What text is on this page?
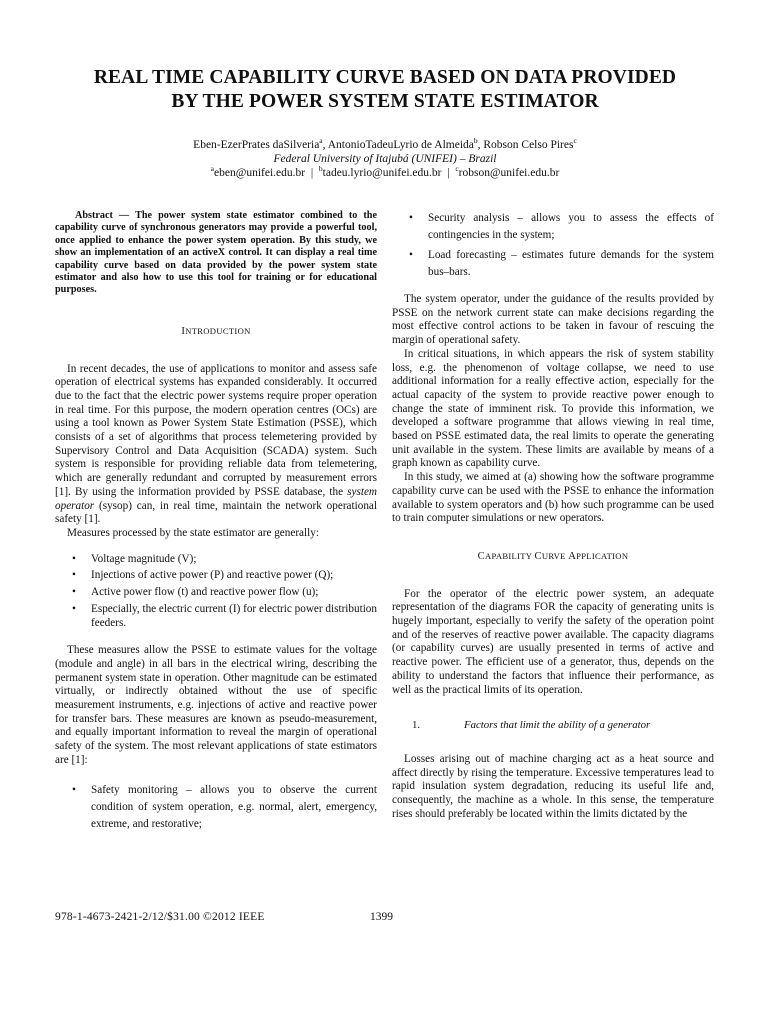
REAL TIME CAPABILITY CURVE BASED ON DATA PROVIDED
BY THE POWER SYSTEM STATE ESTIMATOR
Eben-EzerPrates daSilveria$^a$, AntonioTadeuLyrio de Almeida$^b$, Robson Celso Pires$^c$
Federal University of Itajubá (UNIFEI) – Brazil
$^a$eben@unifei.edu.br  |  $^b$tadeu.lyrio@unifei.edu.br  |  $^c$robson@unifei.edu.br

Abstract — The power system state estimator combined to the capability curve of synchronous generators may provide a powerful tool, once applied to enhance the power system operation. By this study, we show an implementation of an activeX control. It can display a real time capability curve based on data provided by the power system state estimator and also how to use this tool for training or for educational purposes.

INTRODUCTION

In recent decades, the use of applications to monitor and assess safe operation of electrical systems has expanded considerably. It occurred due to the fact that the electric power systems require proper operation in real time. For this purpose, the modern operation centres (OCs) are using a tool known as Power System State Estimation (PSSE), which consists of a set of algorithms that process telemetering provided by Supervisory Control and Data Acquisition (SCADA) system. Such system is responsible for providing reliable data from telemetering, which are generally redundant and corrupted by measurement errors [1]. By using the information provided by PSSE database, the system operator (sysop) can, in real time, maintain the network operational safety [1].

Measures processed by the state estimator are generally:

• Voltage magnitude (V);
• Injections of active power (P) and reactive power (Q);
• Active power flow (t) and reactive power flow (u);
• Especially, the electric current (I) for electric power distribution feeders.

These measures allow the PSSE to estimate values for the voltage (module and angle) in all bars in the electrical wiring, describing the permanent system state in operation. Other magnitude can be estimated virtually, or indirectly obtained without the use of specific measurement instruments, e.g. injections of active and reactive power for transfer bars. These measures are known as pseudo-measurement, and equally important information to reveal the margin of operational safety of the system. The most relevant applications of state estimators are [1]:

• Safety monitoring – allows you to observe the current condition of system operation, e.g. normal, alert, emergency, extreme, and restorative;
• Security analysis – allows you to assess the effects of contingencies in the system;
• Load forecasting – estimates future demands for the system bus–bars.

The system operator, under the guidance of the results provided by PSSE on the network current state can make decisions regarding the most effective control actions to be taken in favour of rescuing the margin of operational safety.

In critical situations, in which appears the risk of system stability loss, e.g. the phenomenon of voltage collapse, we need to use additional information for a really effective action, especially for the actual capacity of the system to provide reactive power enough to change the state of imminent risk. To provide this information, we developed a software programme that allows viewing in real time, based on PSSE estimated data, the real limits to operate the generating unit available in the system. These limits are available by means of a graph known as capability curve.

In this study, we aimed at (a) showing how the software programme capability curve can be used with the PSSE to enhance the information available to system operators and (b) how such programme can be used to train computer simulations or new operators.

CAPABILITY CURVE APPLICATION

For the operator of the electric power system, an adequate representation of the diagrams FOR the capacity of generating units is hugely important, especially to verify the safety of the operation point and of the reserves of reactive power available. The capacity diagrams (or capability curves) are usually presented in terms of active and reactive power. The efficient use of a generator, thus, depends on the ability to understand the factors that influence their performance, as well as the practical limits of its operation.

1.	Factors that limit the ability of a generator

Losses arising out of machine charging act as a heat source and affect directly by rising the temperature. Excessive temperatures lead to rapid insulation system degradation, reducing its useful life and, consequently, the machine as a whole. In this sense, the temperature rises should preferably be located within the limits dictated by the

978-1-4673-2421-2/12/$31.00 ©2012 IEEE	1399
